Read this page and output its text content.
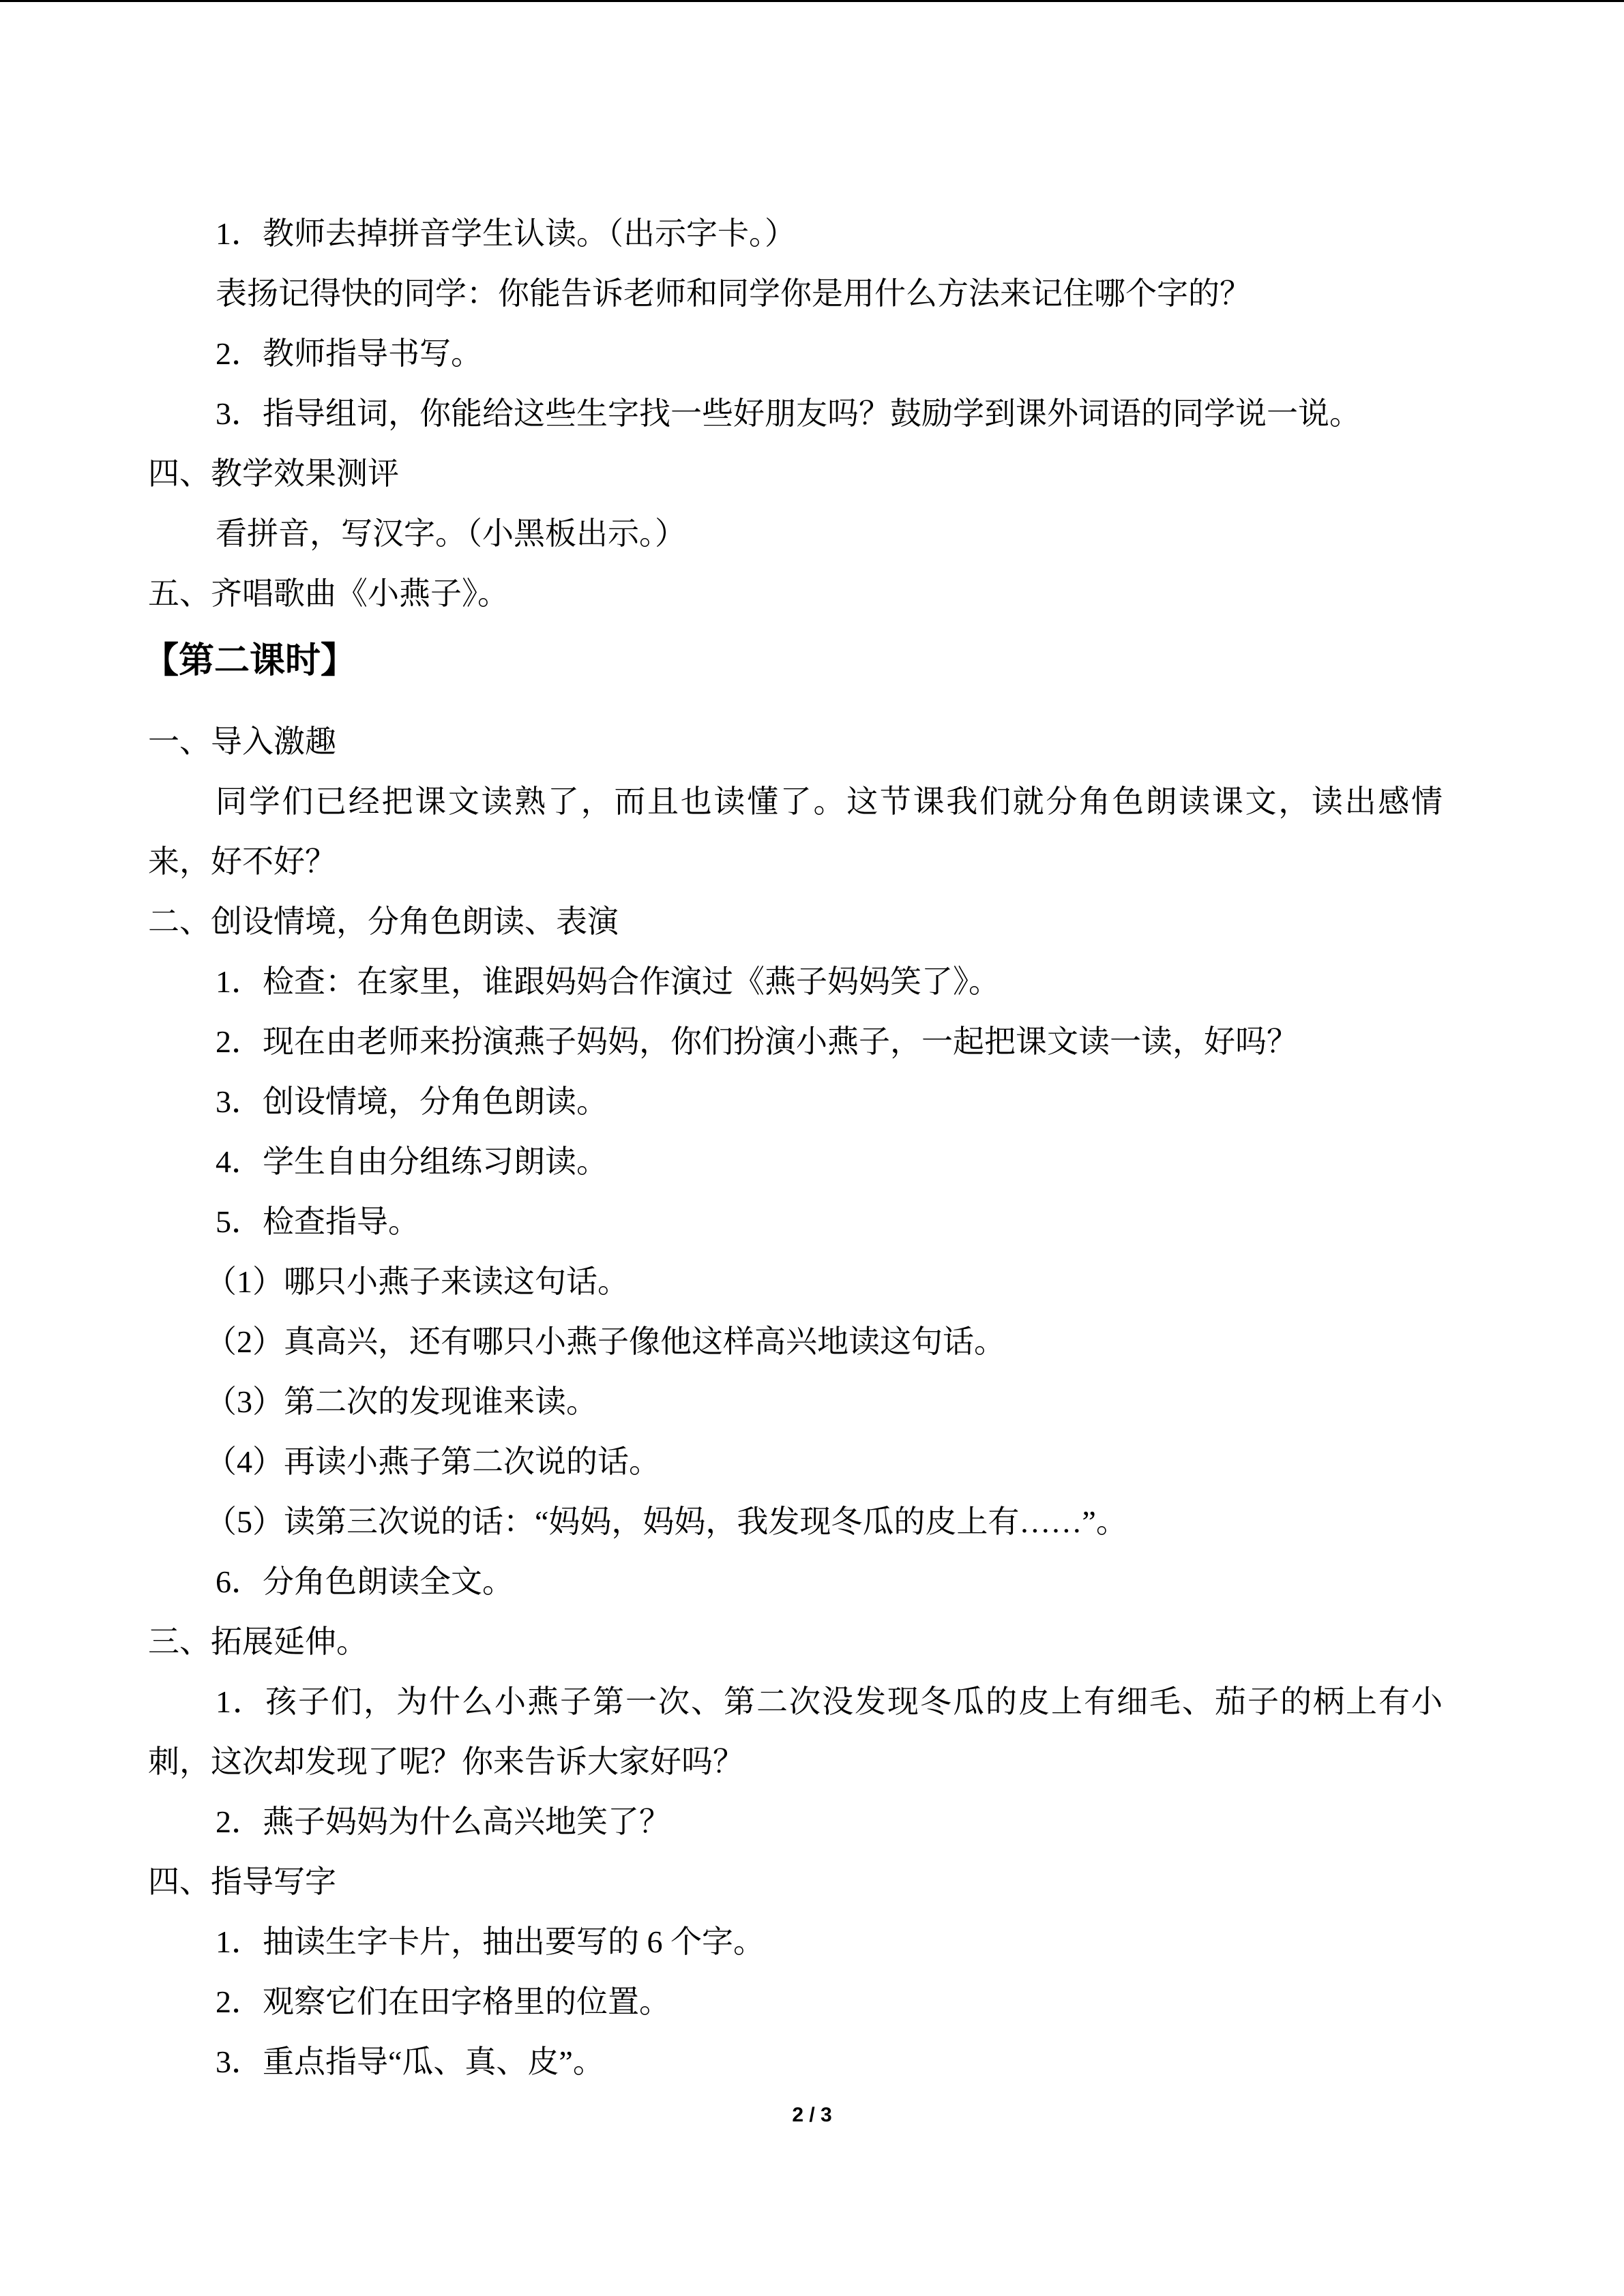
1．教师去掉拼音学生认读。（出示字卡。）
表扬记得快的同学：你能告诉老师和同学你是用什么方法来记住哪个字的？
2．教师指导书写。
3．指导组词，你能给这些生字找一些好朋友吗？鼓励学到课外词语的同学说一说。
四、教学效果测评
看拼音，写汉字。（小黑板出示。）
五、齐唱歌曲《小燕子》。
【第二课时】
一、导入激趣
同学们已经把课文读熟了，而且也读懂了。这节课我们就分角色朗读课文，读出感情
来，好不好？
二、创设情境，分角色朗读、表演
1．检查：在家里，谁跟妈妈合作演过《燕子妈妈笑了》。
2．现在由老师来扮演燕子妈妈，你们扮演小燕子，一起把课文读一读，好吗？
3．创设情境，分角色朗读。
4．学生自由分组练习朗读。
5．检查指导。
（1）哪只小燕子来读这句话。
（2）真高兴，还有哪只小燕子像他这样高兴地读这句话。
（3）第二次的发现谁来读。
（4）再读小燕子第二次说的话。
（5）读第三次说的话：“妈妈，妈妈，我发现冬瓜的皮上有……”。
6．分角色朗读全文。
三、拓展延伸。
1．孩子们，为什么小燕子第一次、第二次没发现冬瓜的皮上有细毛、茄子的柄上有小
刺，这次却发现了呢？你来告诉大家好吗？
2．燕子妈妈为什么高兴地笑了？
四、指导写字
1．抽读生字卡片，抽出要写的 6 个字。
2．观察它们在田字格里的位置。
3．重点指导“瓜、真、皮”。
2 / 3
